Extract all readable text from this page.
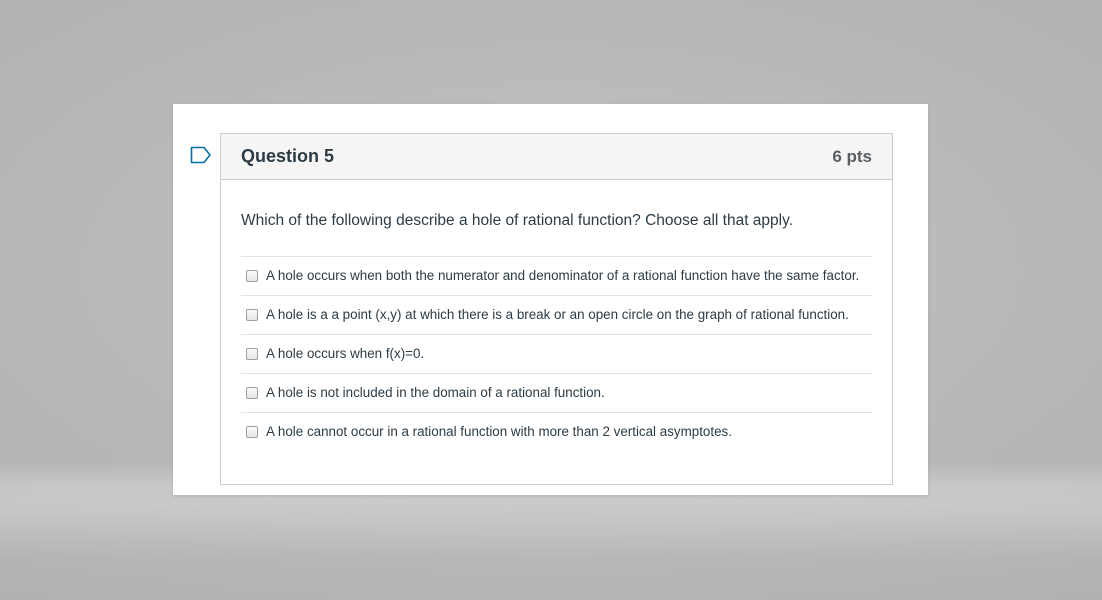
Question 5	6 pts

Which of the following describe a hole of rational function? Choose all that apply.

A hole occurs when both the numerator and denominator of a rational function have the same factor.
A hole is a a point (x,y) at which there is a break or an open circle on the graph of rational function.
A hole occurs when f(x)=0.
A hole is not included in the domain of a rational function.
A hole cannot occur in a rational function with more than 2 vertical asymptotes.
